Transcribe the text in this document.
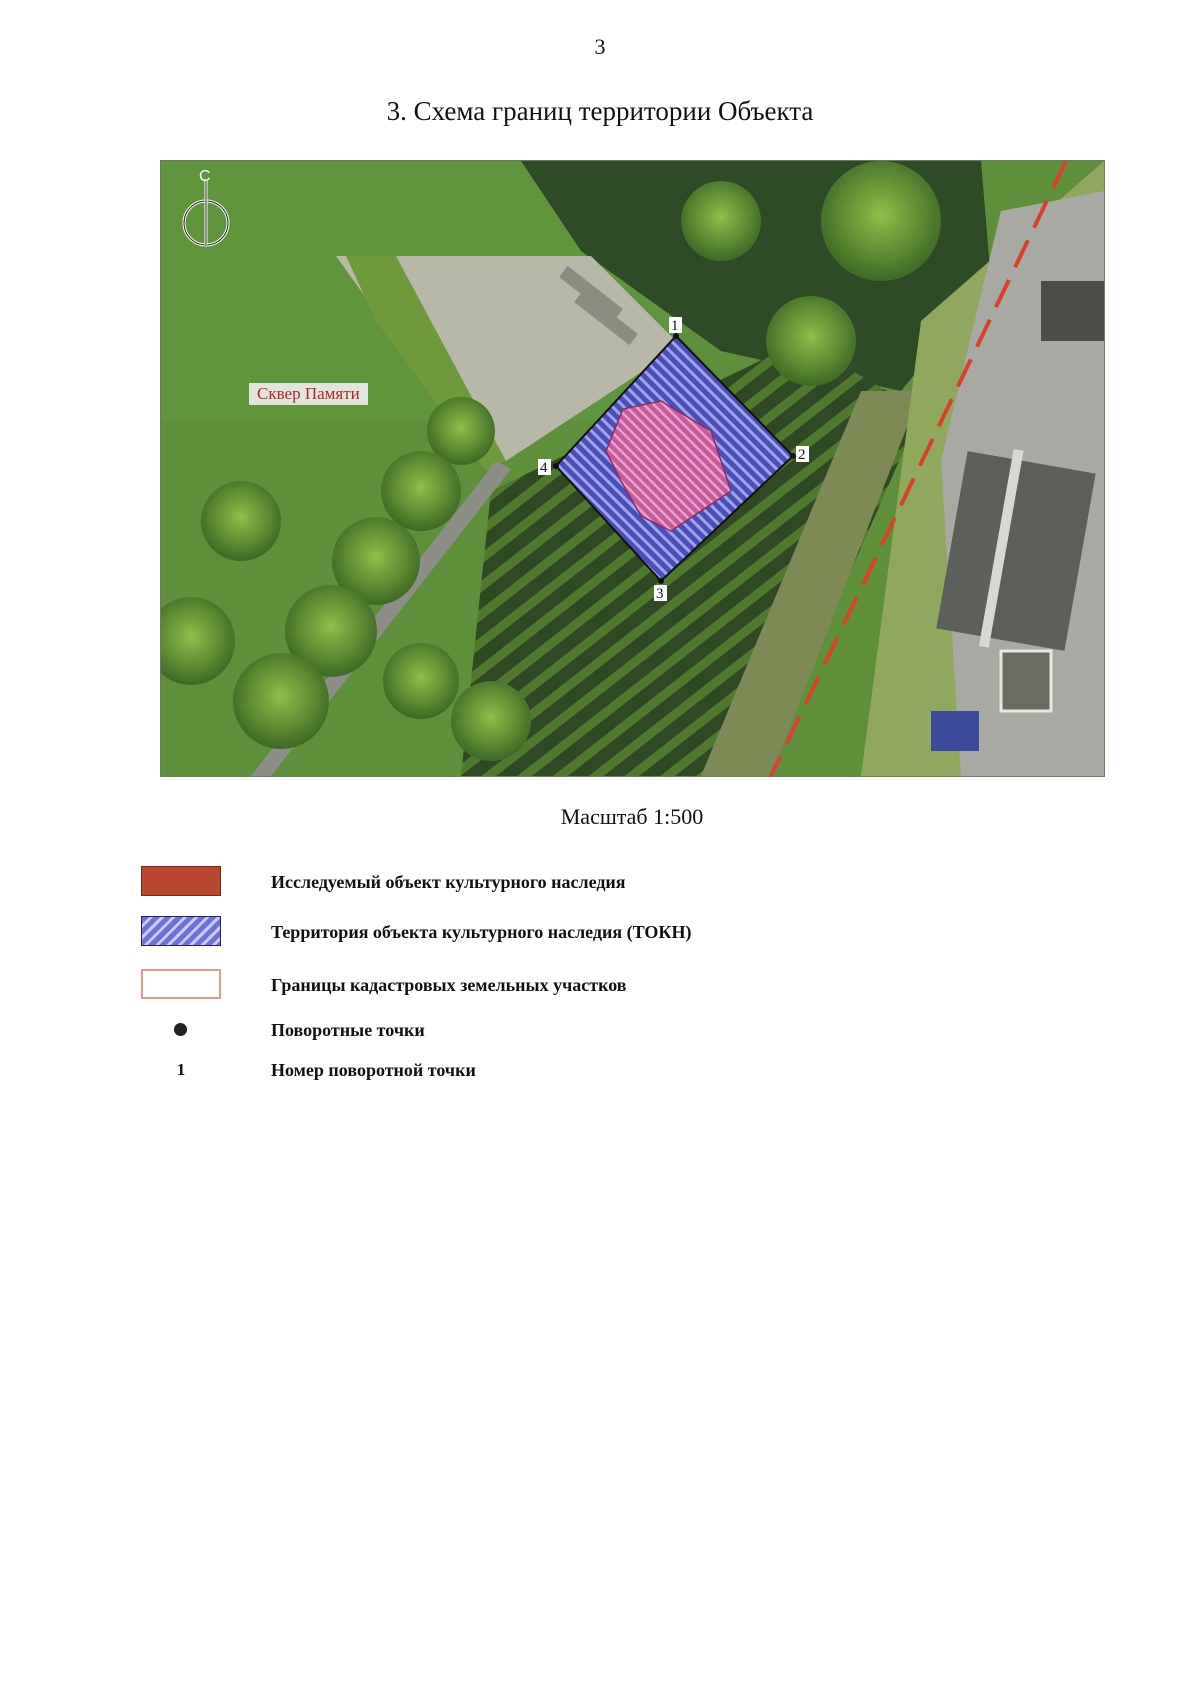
3
3. Схема границ территории Объекта
С
1
2
3
4
Сквер Памяти
Масштаб 1:500
Исследуемый объект культурного наследия
Территория объекта культурного наследия (ТОКН)
Границы кадастровых земельных участков
Поворотные точки
1	Номер поворотной точки
